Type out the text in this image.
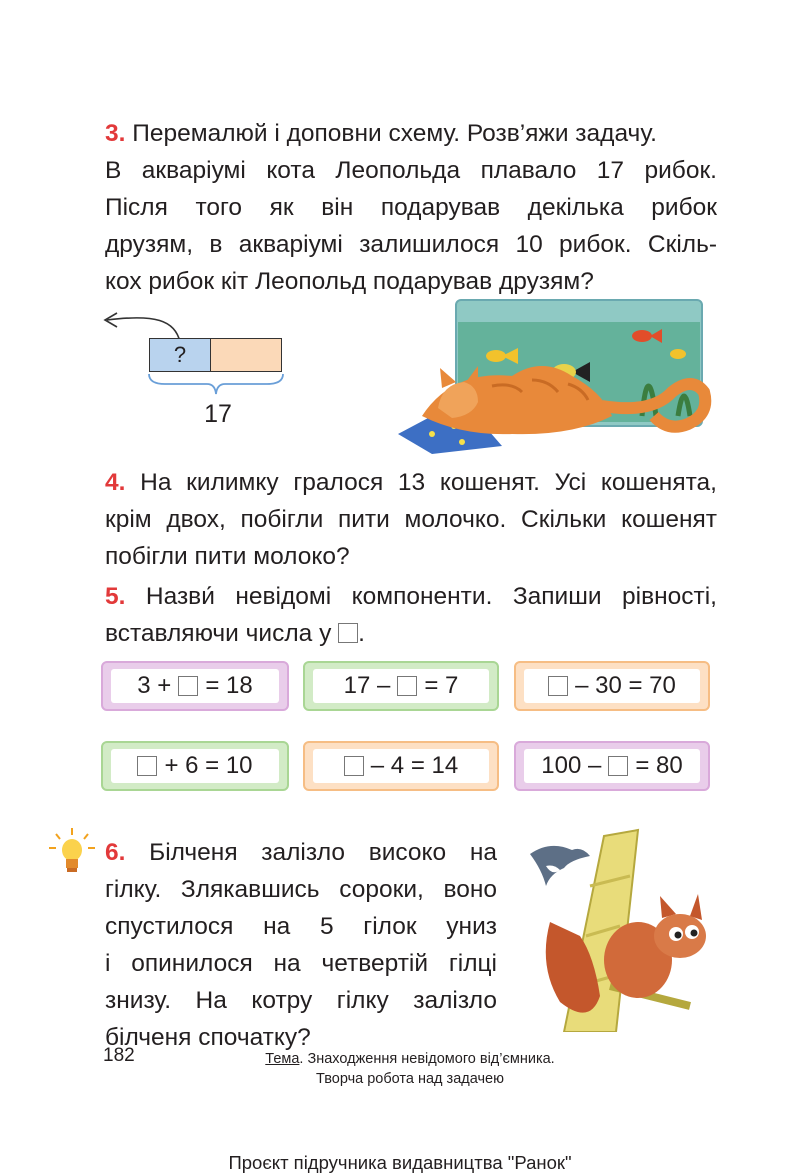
3. Перемалюй і доповни схему. Розв’яжи задачу.
В акваріумі кота Леопольда плавало 17 рибок.
Після того як він подарував декілька рибок
друзям, в акваріумі залишилося 10 рибок. Скіль-
кох рибок кіт Леопольд подарував друзям?
?
17
4. На килимку гралося 13 кошенят. Усі кошенята,
крім двох, побігли пити молочко. Скільки кошенят
побігли пити молоко?
5. Назви́ невідомі компоненти. Запиши рівності,
вставляючи числа у .
3 + = 18	17 – = 7	– 30 = 70
+ 6 = 10	– 4 = 14	100 – = 80
6. Білченя залізло високо на
гілку. Злякавшись сороки, воно
спустилося на 5 гілок униз
і опинилося на четвертій гілці
знизу. На котру гілку залізло
білченя спочатку?
182	Тема. Знаходження невідомого від’ємника.
Творча робота над задачею
Проєкт підручника видавництва "Ранок"
